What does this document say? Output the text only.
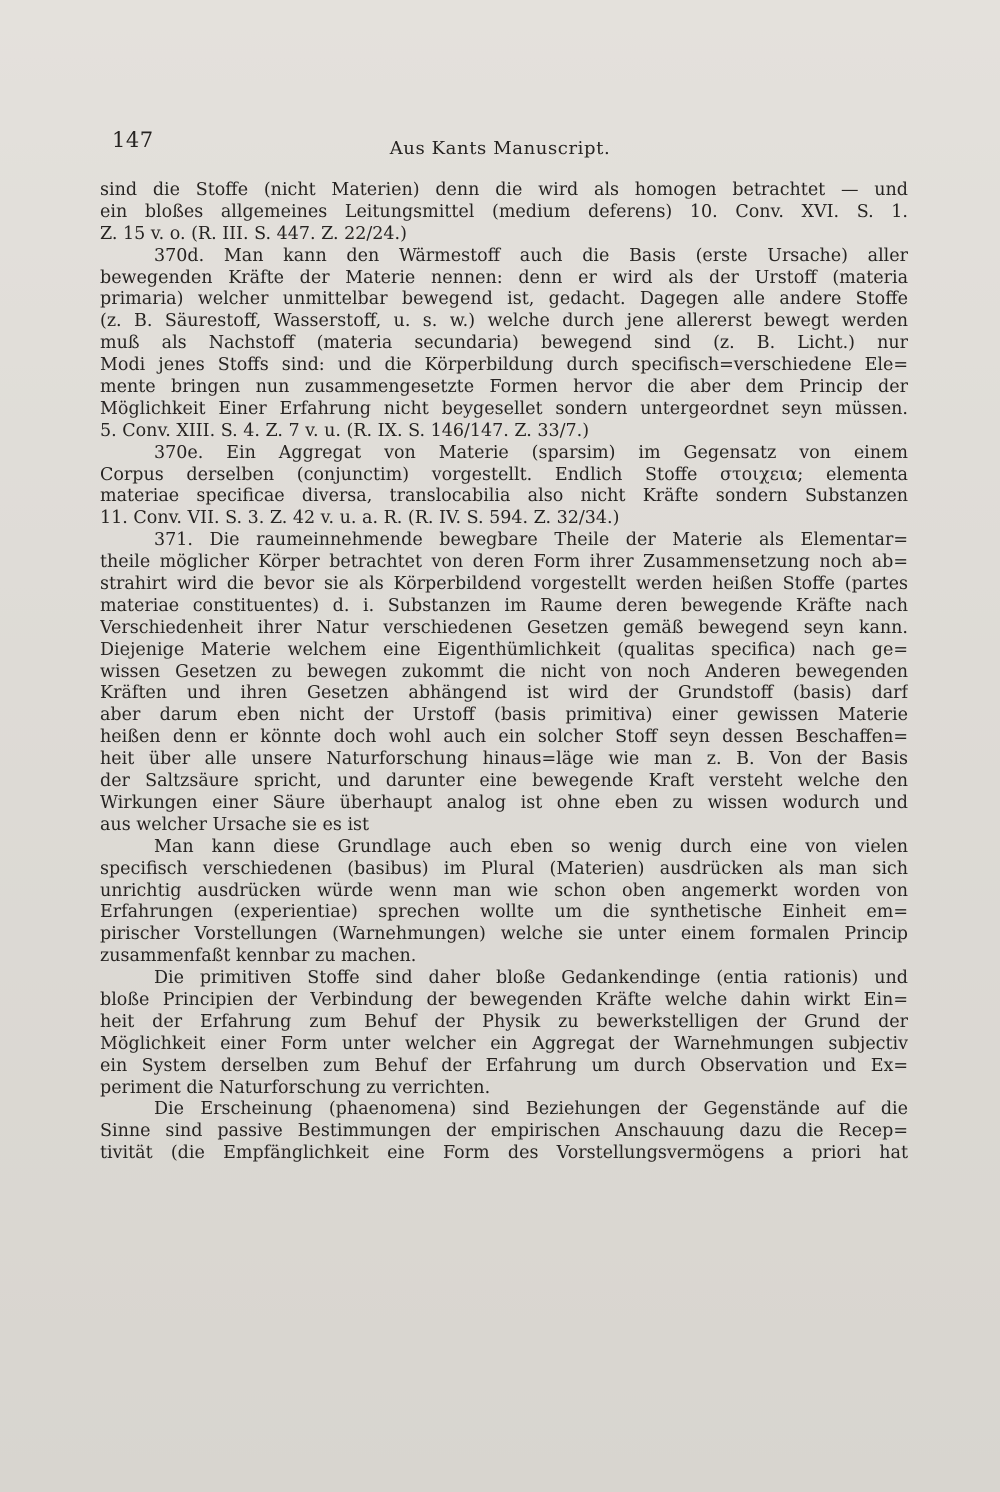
147	Aus Kants Manuscript.
sind die Stoffe (nicht Materien) denn die wird als homogen betrachtet — und
ein bloßes allgemeines Leitungsmittel (medium deferens) 10. Conv. XVI. S. 1.
Z. 15 v. o. (R. III. S. 447. Z. 22/24.)
370d. Man kann den Wärmestoff auch die Basis (erste Ursache) aller
bewegenden Kräfte der Materie nennen: denn er wird als der Urstoff (materia
primaria) welcher unmittelbar bewegend ist, gedacht. Dagegen alle andere Stoffe
(z. B. Säurestoff, Wasserstoff, u. s. w.) welche durch jene allererst bewegt werden
muß als Nachstoff (materia secundaria) bewegend sind (z. B. Licht.) nur
Modi jenes Stoffs sind: und die Körperbildung durch specifisch=verschiedene Ele=
mente bringen nun zusammengesetzte Formen hervor die aber dem Princip der
Möglichkeit Einer Erfahrung nicht beygesellet sondern untergeordnet seyn müssen.
5. Conv. XIII. S. 4. Z. 7 v. u. (R. IX. S. 146/147. Z. 33/7.)
370e. Ein Aggregat von Materie (sparsim) im Gegensatz von einem
Corpus derselben (conjunctim) vorgestellt. Endlich Stoffe στοιχεια; elementa
materiae specificae diversa, translocabilia also nicht Kräfte sondern Substanzen
11. Conv. VII. S. 3. Z. 42 v. u. a. R. (R. IV. S. 594. Z. 32/34.)
371. Die raumeinnehmende bewegbare Theile der Materie als Elementar=
theile möglicher Körper betrachtet von deren Form ihrer Zusammensetzung noch ab=
strahirt wird die bevor sie als Körperbildend vorgestellt werden heißen Stoffe (partes
materiae constituentes) d. i. Substanzen im Raume deren bewegende Kräfte nach
Verschiedenheit ihrer Natur verschiedenen Gesetzen gemäß bewegend seyn kann.
Diejenige Materie welchem eine Eigenthümlichkeit (qualitas specifica) nach ge=
wissen Gesetzen zu bewegen zukommt die nicht von noch Anderen bewegenden
Kräften und ihren Gesetzen abhängend ist wird der Grundstoff (basis) darf
aber darum eben nicht der Urstoff (basis primitiva) einer gewissen Materie
heißen denn er könnte doch wohl auch ein solcher Stoff seyn dessen Beschaffen=
heit über alle unsere Naturforschung hinaus=läge wie man z. B. Von der Basis
der Saltzsäure spricht, und darunter eine bewegende Kraft versteht welche den
Wirkungen einer Säure überhaupt analog ist ohne eben zu wissen wodurch und
aus welcher Ursache sie es ist
Man kann diese Grundlage auch eben so wenig durch eine von vielen
specifisch verschiedenen (basibus) im Plural (Materien) ausdrücken als man sich
unrichtig ausdrücken würde wenn man wie schon oben angemerkt worden von
Erfahrungen (experientiae) sprechen wollte um die synthetische Einheit em=
pirischer Vorstellungen (Warnehmungen) welche sie unter einem formalen Princip
zusammenfaßt kennbar zu machen.
Die primitiven Stoffe sind daher bloße Gedankendinge (entia rationis) und
bloße Principien der Verbindung der bewegenden Kräfte welche dahin wirkt Ein=
heit der Erfahrung zum Behuf der Physik zu bewerkstelligen der Grund der
Möglichkeit einer Form unter welcher ein Aggregat der Warnehmungen subjectiv
ein System derselben zum Behuf der Erfahrung um durch Observation und Ex=
periment die Naturforschung zu verrichten.
Die Erscheinung (phaenomena) sind Beziehungen der Gegenstände auf die
Sinne sind passive Bestimmungen der empirischen Anschauung dazu die Recep=
tivität (die Empfänglichkeit eine Form des Vorstellungsvermögens a priori hat
